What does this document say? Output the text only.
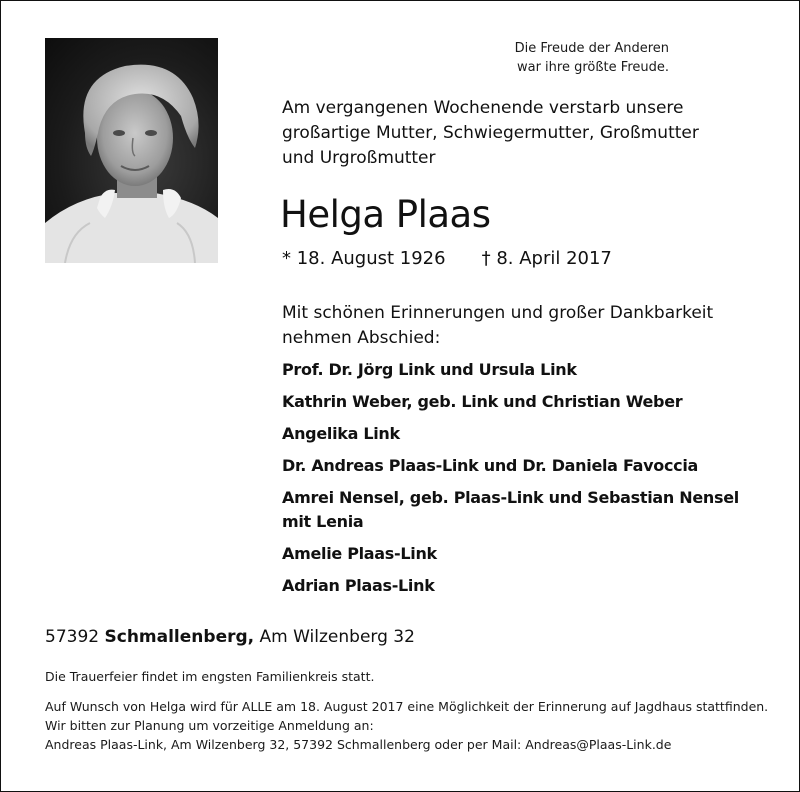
Die Freude der Anderen
war ihre größte Freude.
Am vergangenen Wochenende verstarb unsere
großartige Mutter, Schwiegermutter, Großmutter
und Urgroßmutter
Helga Plaas
* 18. August 1926 † 8. April 2017
Mit schönen Erinnerungen und großer Dankbarkeit
nehmen Abschied:
Prof. Dr. Jörg Link und Ursula Link
Kathrin Weber, geb. Link und Christian Weber
Angelika Link
Dr. Andreas Plaas-Link und Dr. Daniela Favoccia
Amrei Nensel, geb. Plaas-Link und Sebastian Nensel
mit Lenia
Amelie Plaas-Link
Adrian Plaas-Link
57392 Schmallenberg, Am Wilzenberg 32
Die Trauerfeier findet im engsten Familienkreis statt.
Auf Wunsch von Helga wird für ALLE am 18. August 2017 eine Möglichkeit der Erinnerung auf Jagdhaus stattfinden.
Wir bitten zur Planung um vorzeitige Anmeldung an:
Andreas Plaas-Link, Am Wilzenberg 32, 57392 Schmallenberg oder per Mail: Andreas@Plaas-Link.de
